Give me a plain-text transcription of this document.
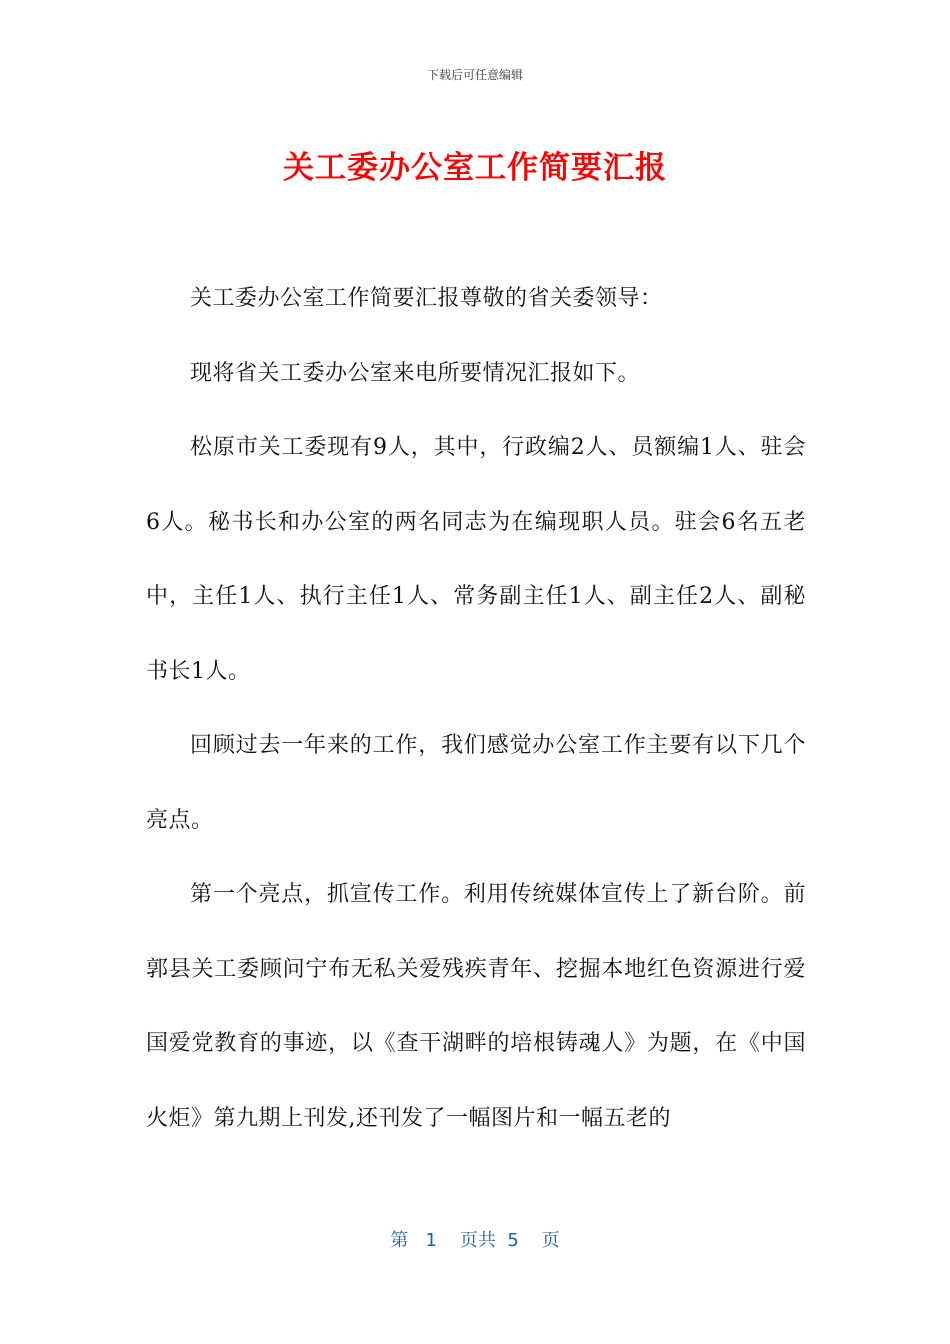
下载后可任意编辑
关工委办公室工作简要汇报

关工委办公室工作简要汇报尊敬的省关委领导：

现将省关工委办公室来电所要情况汇报如下。

松原市关工委现有9人，其中，行政编2人、员额编1人、驻会6人。秘书长和办公室的两名同志为在编现职人员。驻会6名五老中，主任1人、执行主任1人、常务副主任1人、副主任2人、副秘书长1人。

回顾过去一年来的工作，我们感觉办公室工作主要有以下几个亮点。

第一个亮点，抓宣传工作。利用传统媒体宣传上了新台阶。前郭县关工委顾问宁布无私关爱残疾青年、挖掘本地红色资源进行爱国爱党教育的事迹，以《查干湖畔的培根铸魂人》为题，在《中国火炬》第九期上刊发,还刊发了一幅图片和一幅五老的

第 1 页共 5 页
